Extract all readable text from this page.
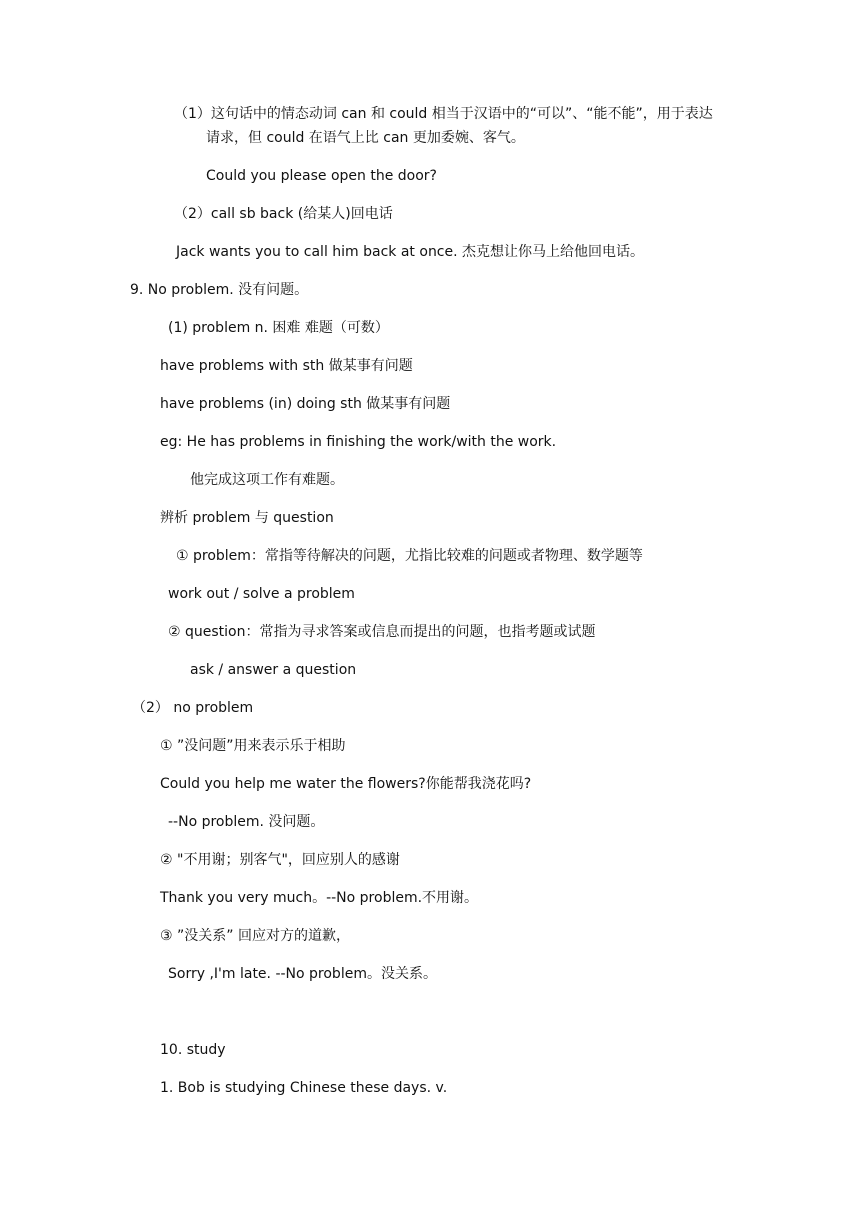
（1）这句话中的情态动词 can 和 could 相当于汉语中的“可以”、“能不能”，用于表达
请求，但 could 在语气上比 can 更加委婉、客气。
Could you please open the door?
（2）call sb back (给某人)回电话
Jack wants you to call him back at once. 杰克想让你马上给他回电话。
9. No problem. 没有问题。
(1) problem n. 困难 难题（可数）
have problems with sth 做某事有问题
have problems (in) doing sth 做某事有问题
eg: He has problems in finishing the work/with the work.
他完成这项工作有难题。
辨析 problem 与 question
① problem：常指等待解决的问题，尤指比较难的问题或者物理、数学题等
work out / solve a problem
② question：常指为寻求答案或信息而提出的问题，也指考题或试题
ask / answer a question
（2） no problem
① ”没问题”用来表示乐于相助
Could you help me water the flowers?你能帮我浇花吗?
--No problem. 没问题。
② "不用谢；别客气"，回应别人的感谢
Thank you very much。--No problem.不用谢。
③ ”没关系” 回应对方的道歉，
Sorry ,I'm late. --No problem。没关系。
10. study
1. Bob is studying Chinese these days. v.
